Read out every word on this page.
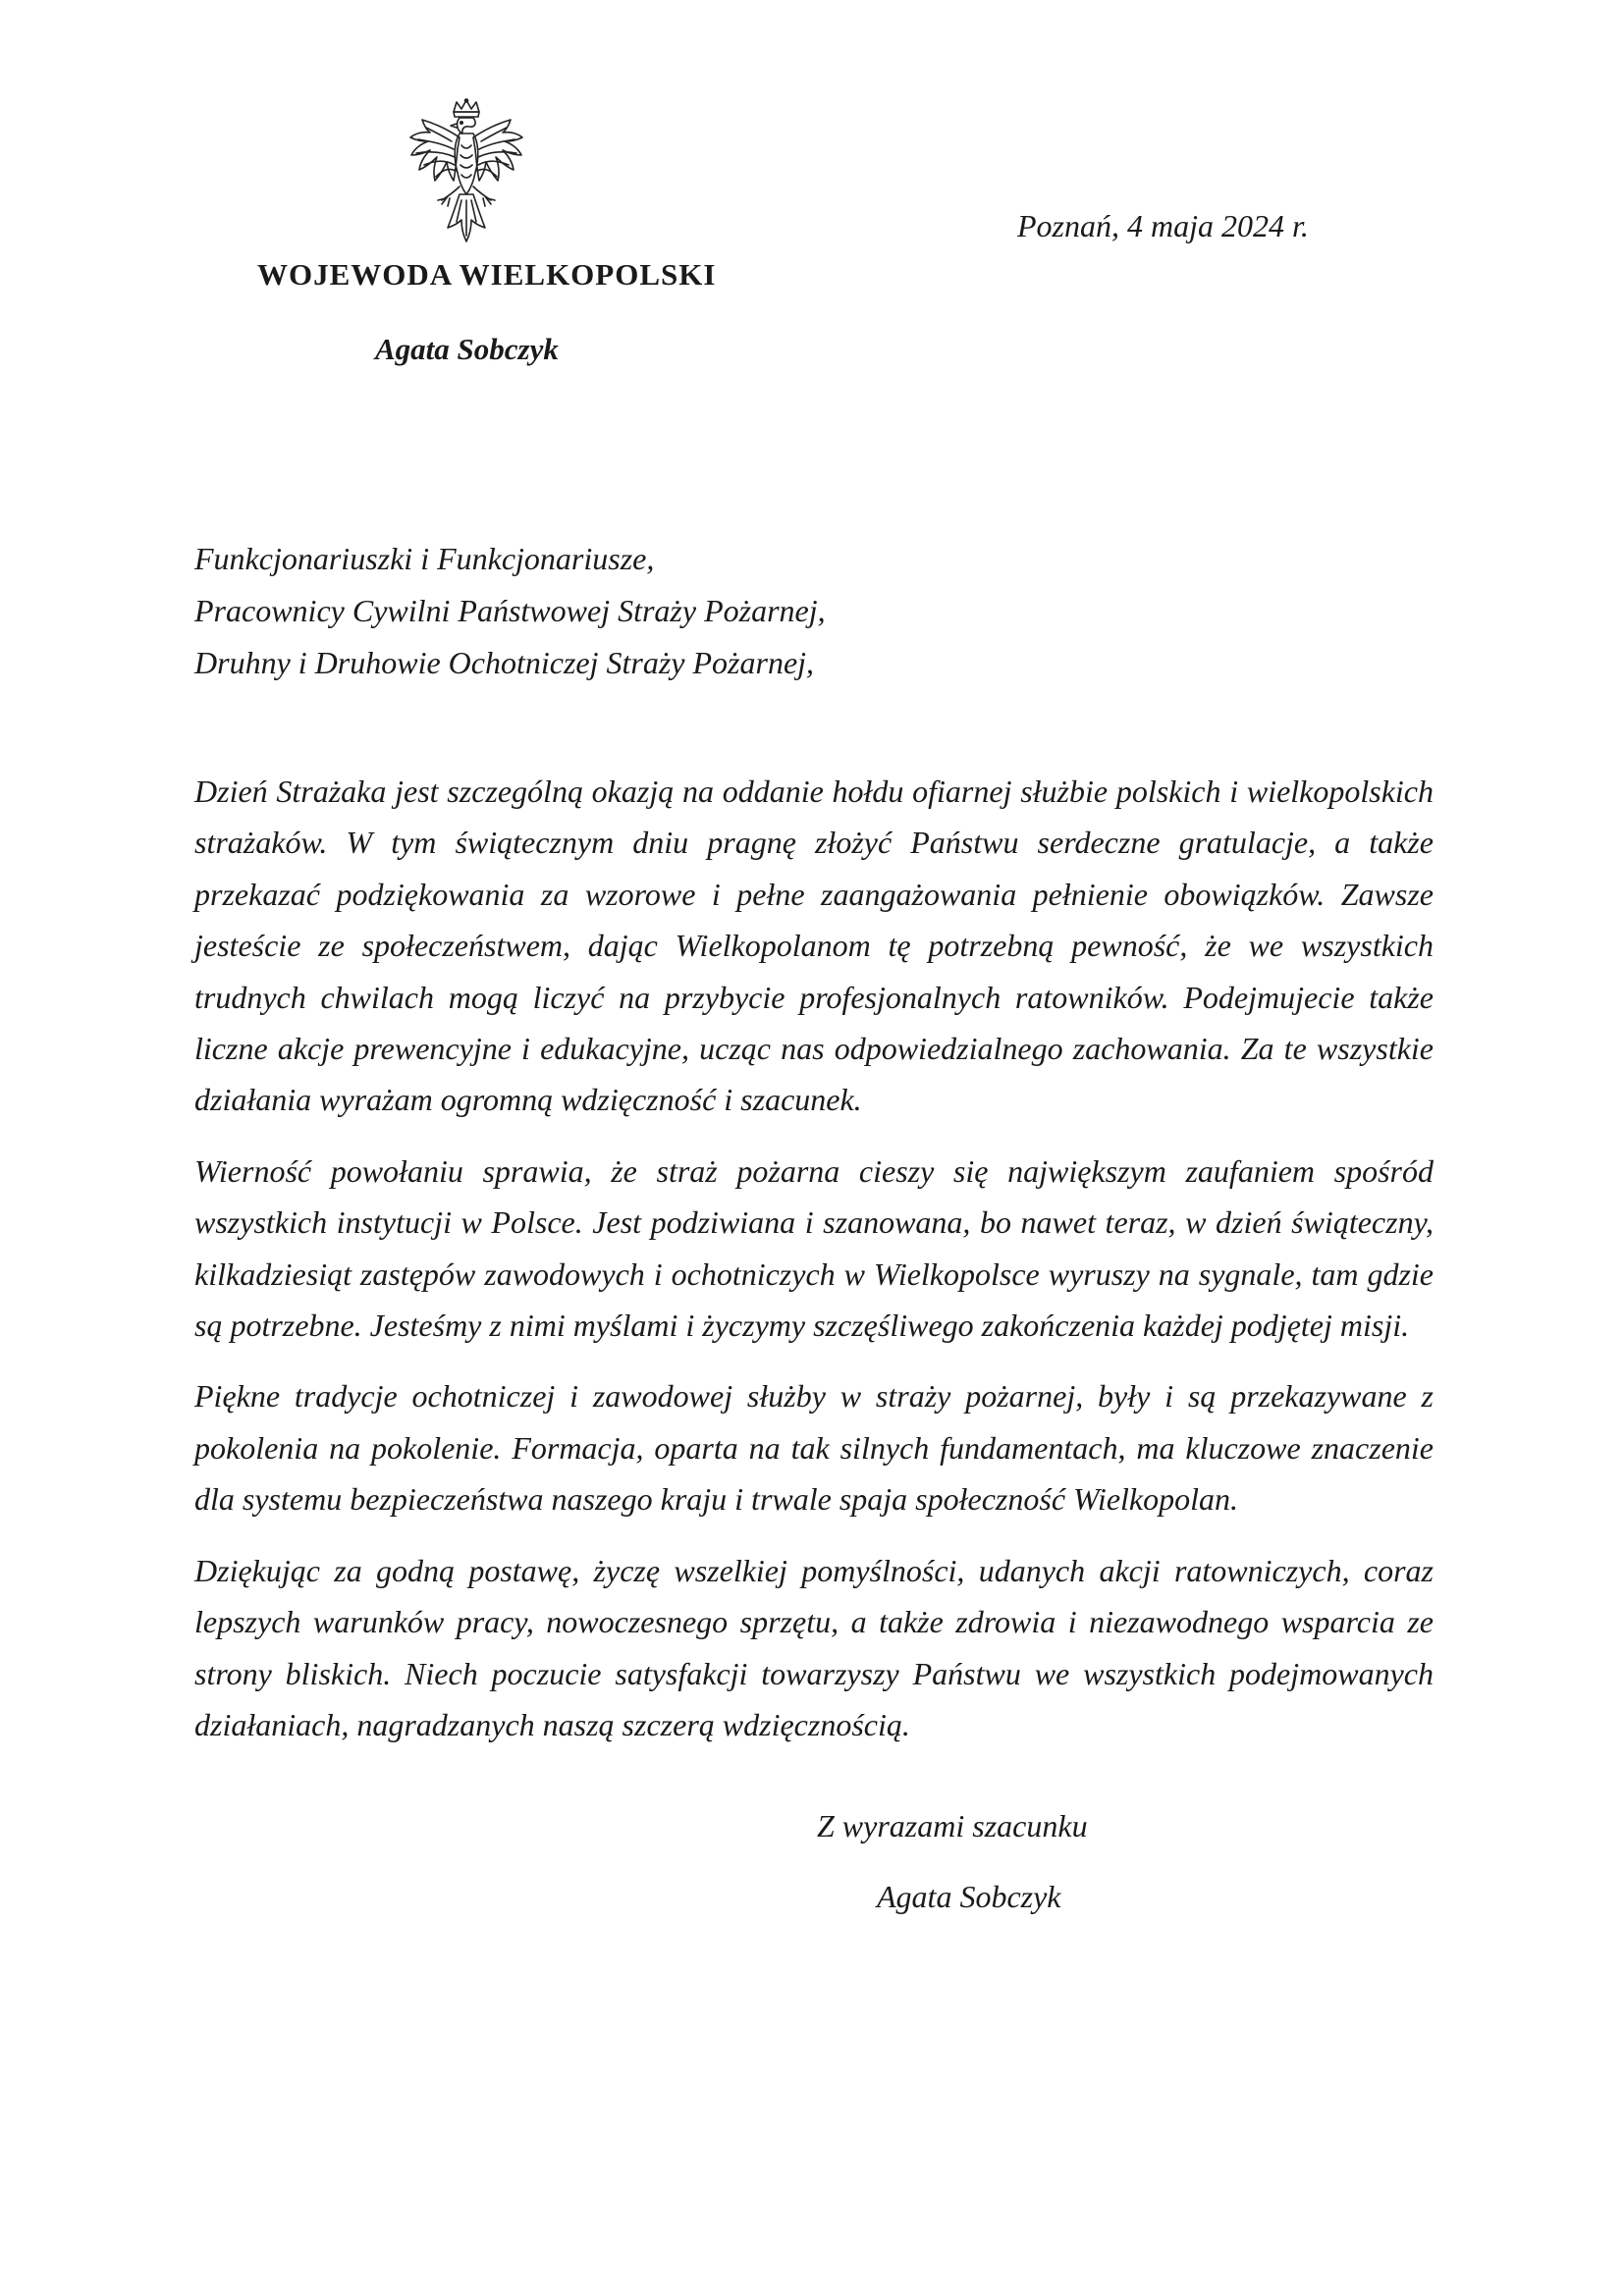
WOJEWODA WIELKOPOLSKI
Agata Sobczyk
Poznań, 4 maja 2024 r.
Funkcjonariuszki i Funkcjonariusze,
Pracownicy Cywilni Państwowej Straży Pożarnej,
Druhny i Druhowie Ochotniczej Straży Pożarnej,

Dzień Strażaka jest szczególną okazją na oddanie hołdu ofiarnej służbie polskich i wielkopolskich strażaków. W tym świątecznym dniu pragnę złożyć Państwu serdeczne gratulacje, a także przekazać podziękowania za wzorowe i pełne zaangażowania pełnienie obowiązków. Zawsze jesteście ze społeczeństwem, dając Wielkopolanom tę potrzebną pewność, że we wszystkich trudnych chwilach mogą liczyć na przybycie profesjonalnych ratowników. Podejmujecie także liczne akcje prewencyjne i edukacyjne, ucząc nas odpowiedzialnego zachowania. Za te wszystkie działania wyrażam ogromną wdzięczność i szacunek.

Wierność powołaniu sprawia, że straż pożarna cieszy się największym zaufaniem spośród wszystkich instytucji w Polsce. Jest podziwiana i szanowana, bo nawet teraz, w dzień świąteczny, kilkadziesiąt zastępów zawodowych i ochotniczych w Wielkopolsce wyruszy na sygnale, tam gdzie są potrzebne. Jesteśmy z nimi myślami i życzymy szczęśliwego zakończenia każdej podjętej misji.

Piękne tradycje ochotniczej i zawodowej służby w straży pożarnej, były i są przekazywane z pokolenia na pokolenie. Formacja, oparta na tak silnych fundamentach, ma kluczowe znaczenie dla systemu bezpieczeństwa naszego kraju i trwale spaja społeczność Wielkopolan.

Dziękując za godną postawę, życzę wszelkiej pomyślności, udanych akcji ratowniczych, coraz lepszych warunków pracy, nowoczesnego sprzętu, a także zdrowia i niezawodnego wsparcia ze strony bliskich. Niech poczucie satysfakcji towarzyszy Państwu we wszystkich podejmowanych działaniach, nagradzanych naszą szczerą wdzięcznością.

Z wyrazami szacunku
Agata Sobczyk
